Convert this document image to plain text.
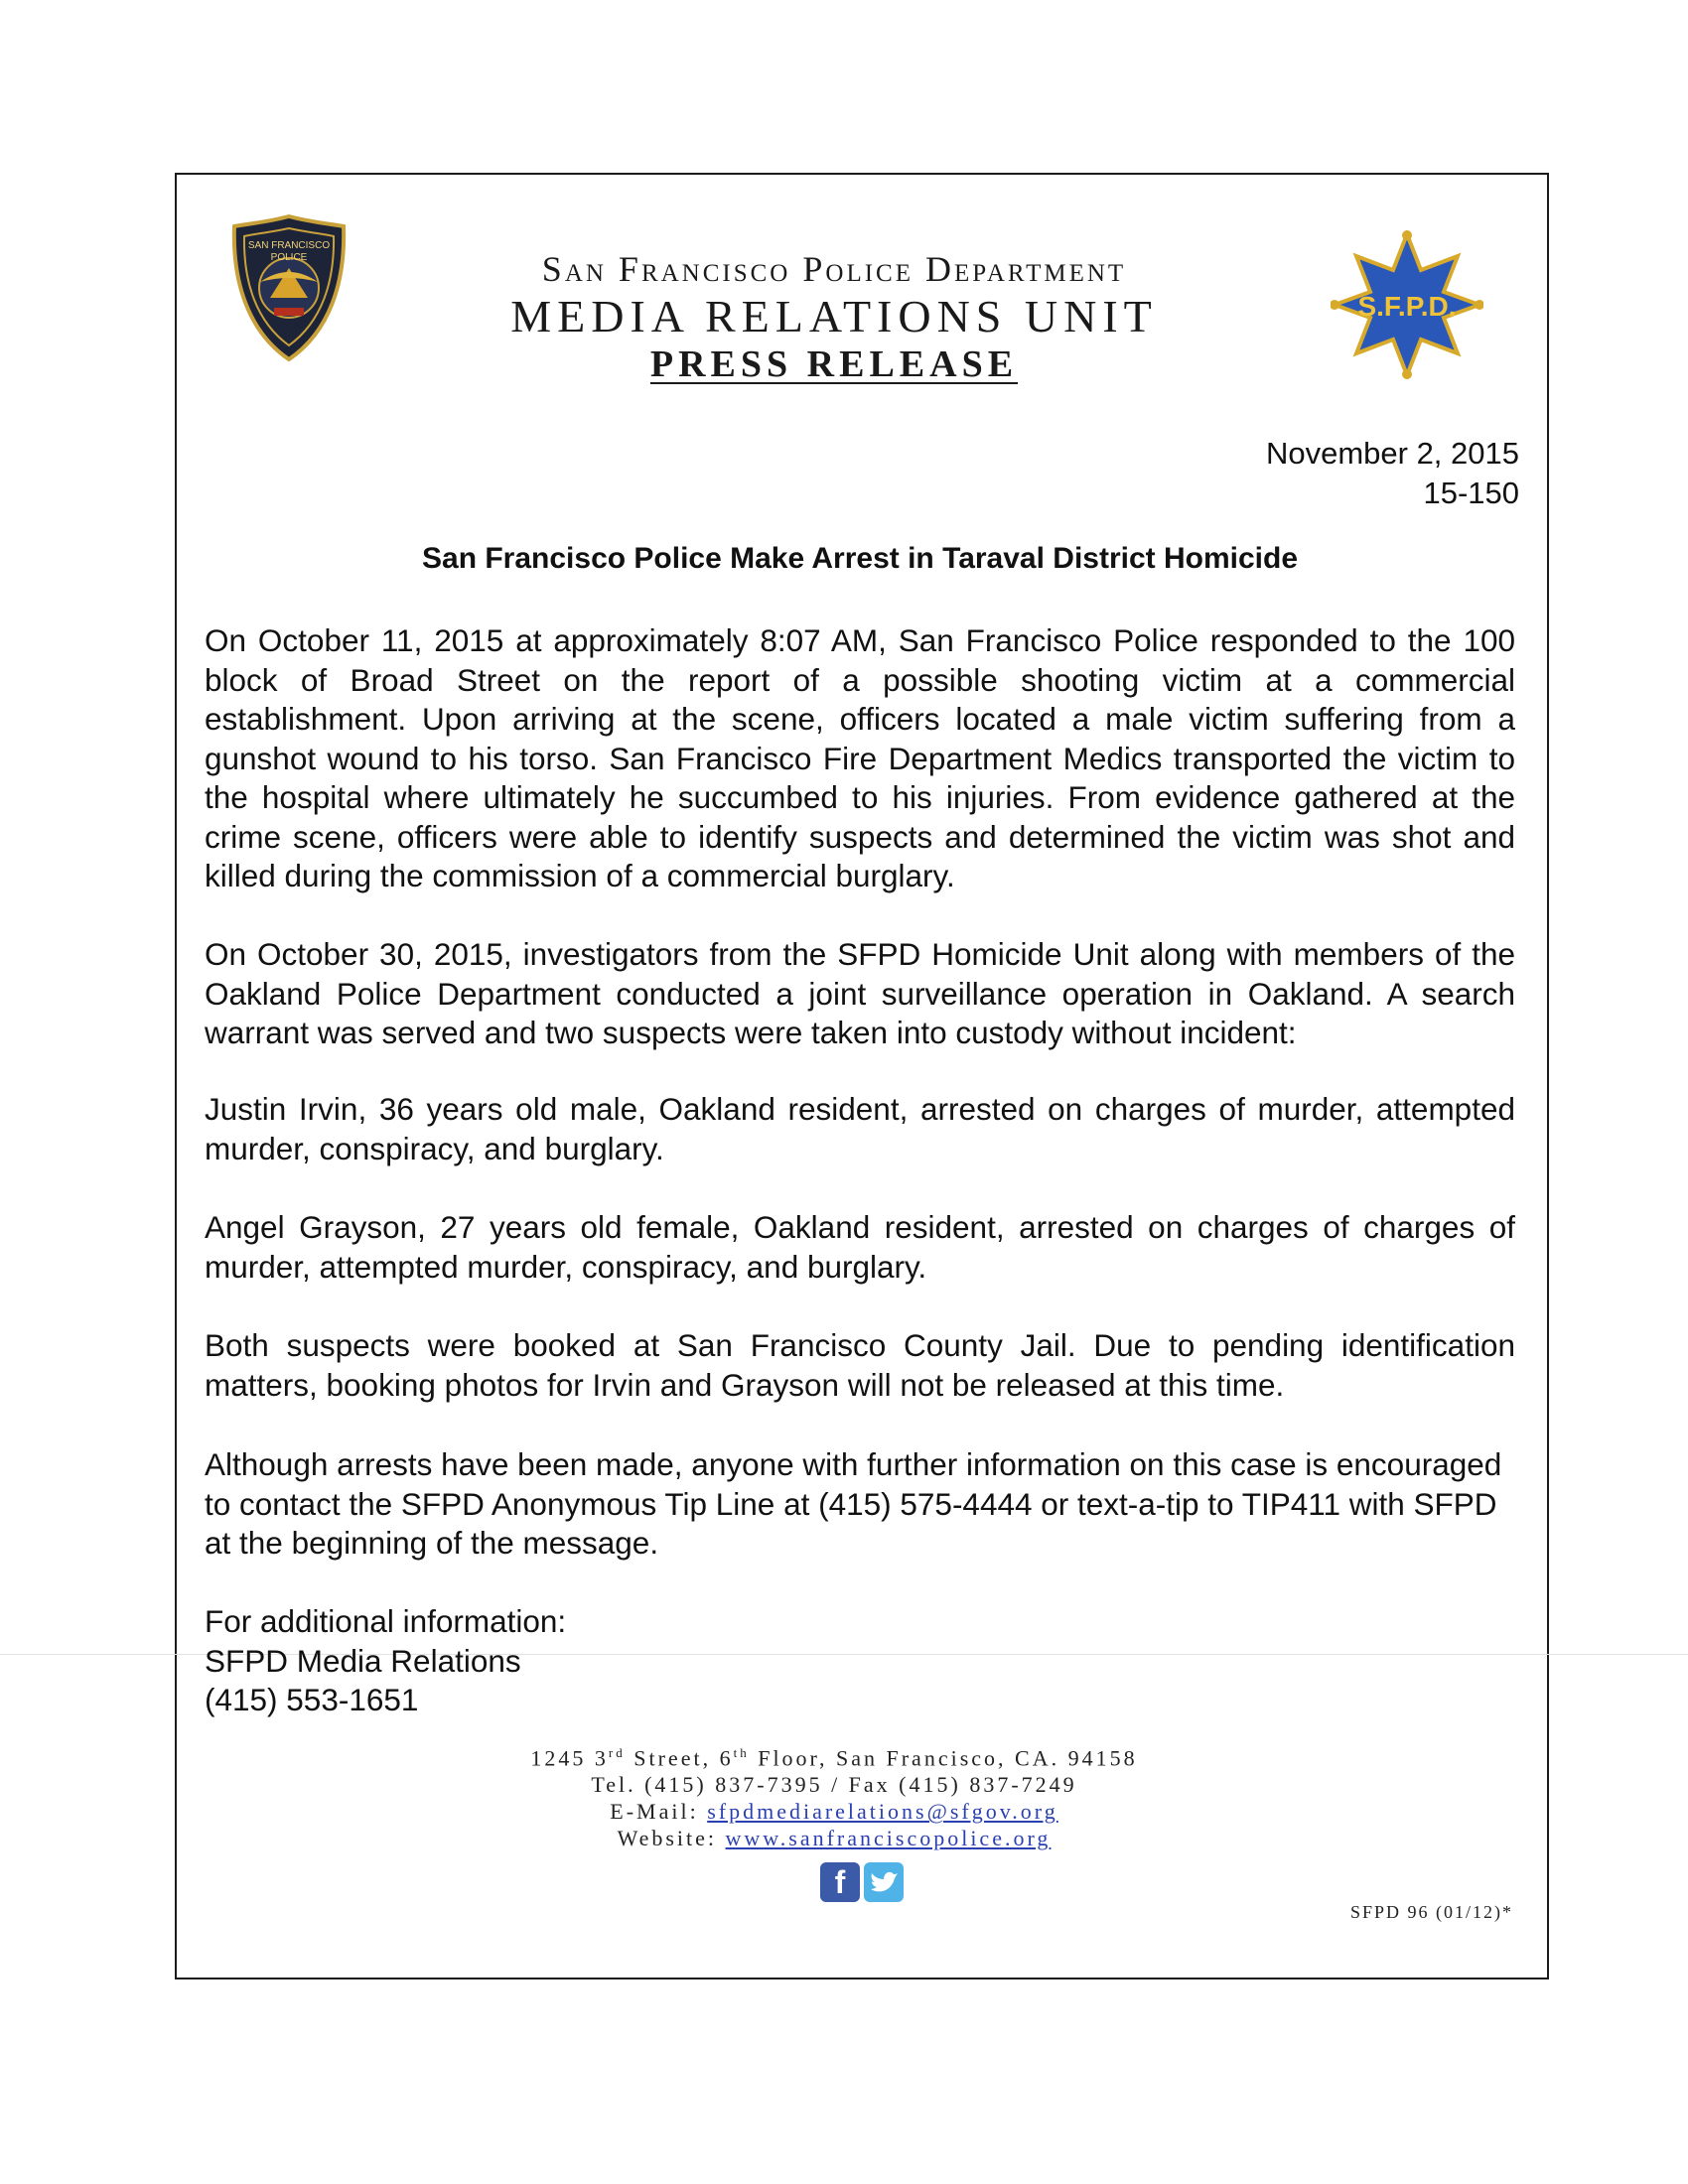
SAN FRANCISCO
POLICE
S.F.P.D.
San Francisco Police Department
MEDIA RELATIONS UNIT
PRESS RELEASE
November 2, 2015
15-150
San Francisco Police Make Arrest in Taraval District Homicide
On October 11, 2015 at approximately 8:07 AM, San Francisco Police responded to the 100 block of Broad Street on the report of a possible shooting victim at a commercial establishment. Upon arriving at the scene, officers located a male victim suffering from a gunshot wound to his torso. San Francisco Fire Department Medics transported the victim to the hospital where ultimately he succumbed to his injuries. From evidence gathered at the crime scene, officers were able to identify suspects and determined the victim was shot and killed during the commission of a commercial burglary.
On October 30, 2015, investigators from the SFPD Homicide Unit along with members of the Oakland Police Department conducted a joint surveillance operation in Oakland. A search warrant was served and two suspects were taken into custody without incident:
Justin Irvin, 36 years old male, Oakland resident, arrested on charges of murder, attempted murder, conspiracy, and burglary.
Angel Grayson, 27 years old female, Oakland resident, arrested on charges of charges of murder, attempted murder, conspiracy, and burglary.
Both suspects were booked at San Francisco County Jail. Due to pending identification matters, booking photos for Irvin and Grayson will not be released at this time.
Although arrests have been made, anyone with further information on this case is encouraged to contact the SFPD Anonymous Tip Line at (415) 575-4444 or text-a-tip to TIP411 with SFPD at the beginning of the message.
For additional information:
SFPD Media Relations
(415) 553-1651
1245 3rd Street, 6th Floor, San Francisco, CA. 94158
Tel. (415) 837-7395 / Fax (415) 837-7249
E-Mail: sfpdmediarelations@sfgov.org
Website: www.sanfranciscopolice.org
f
SFPD 96 (01/12)*
